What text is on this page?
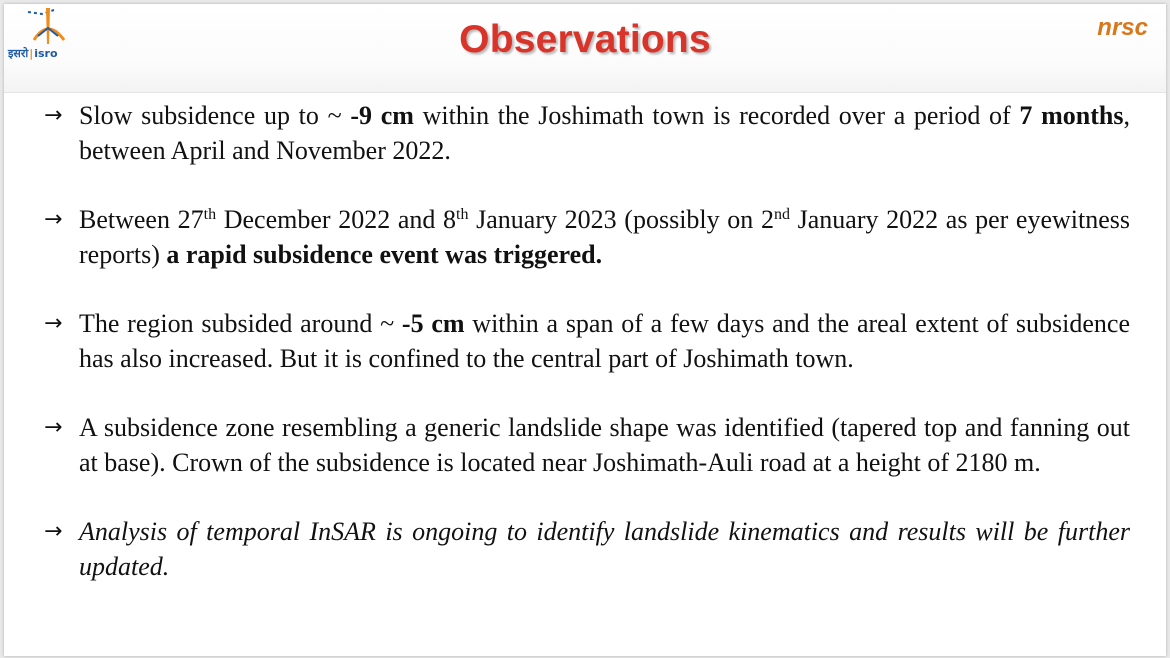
इसरो|isro	Observations	nrsc
→ Slow subsidence up to ~ -9 cm within the Joshimath town is recorded over a period of 7 months, between April and November 2022.
→ Between 27th December 2022 and 8th January 2023 (possibly on 2nd January 2022 as per eyewitness reports) a rapid subsidence event was triggered.
→ The region subsided around ~ -5 cm within a span of a few days and the areal extent of subsidence has also increased. But it is confined to the central part of Joshimath town.
→ A subsidence zone resembling a generic landslide shape was identified (tapered top and fanning out at base). Crown of the subsidence is located near Joshimath-Auli road at a height of 2180 m.
→ Analysis of temporal InSAR is ongoing to identify landslide kinematics and results will be further updated.
